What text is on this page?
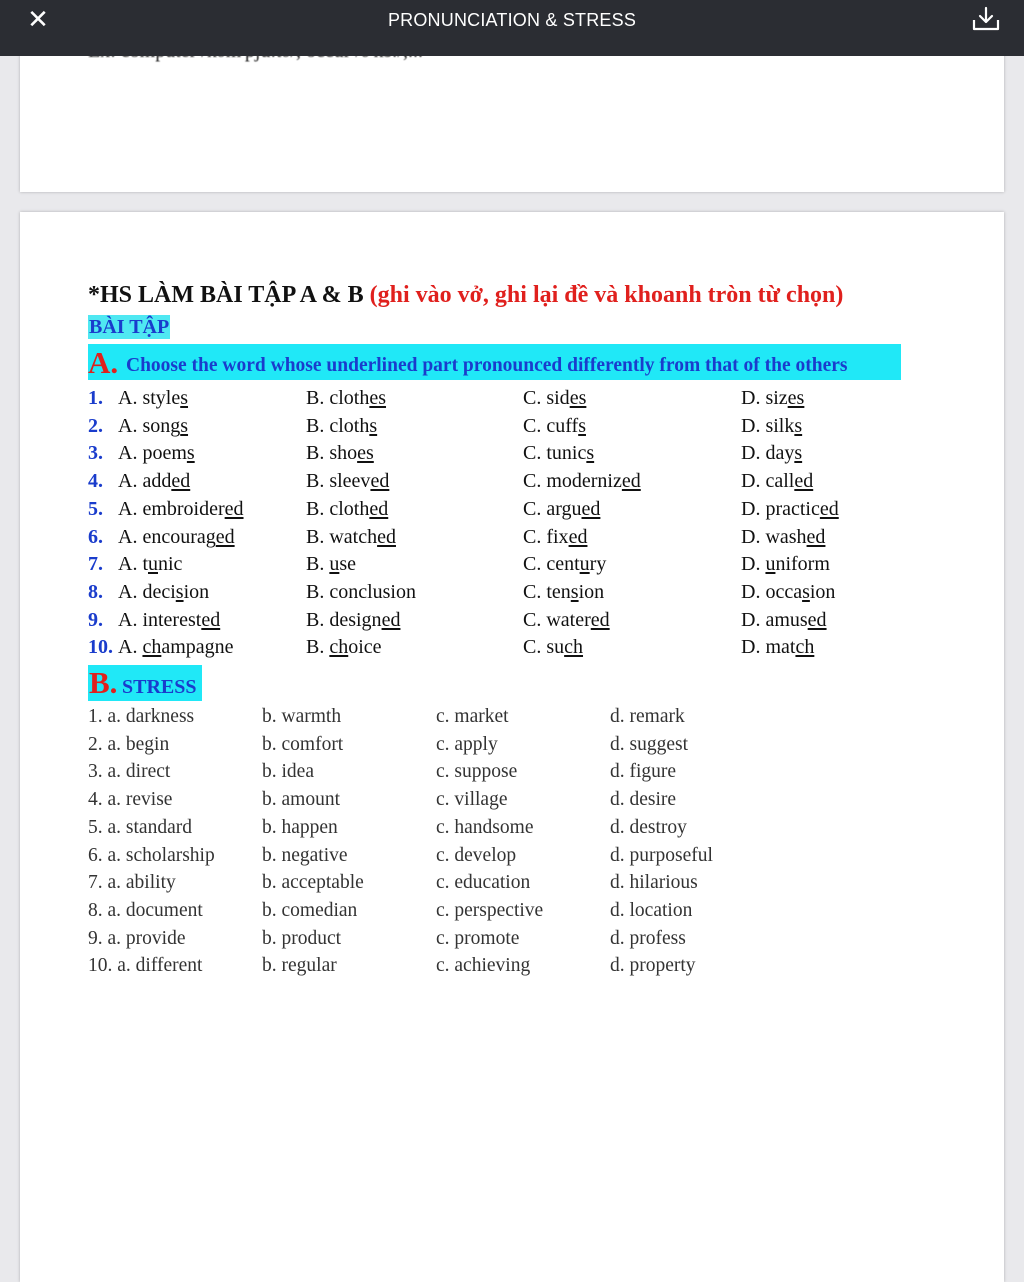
✕	PRONUNCIATION & STRESS
*HS LÀM BÀI TẬP A & B (ghi vào vở, ghi lại đề và khoanh tròn từ chọn)
BÀI TẬP
A. Choose the word whose underlined part pronounced differently from that of the others
1. A. styles	B. clothes	C. sides	D. sizes
2. A. songs	B. cloths	C. cuffs	D. silks
3. A. poems	B. shoes	C. tunics	D. days
4. A. added	B. sleeved	C. modernized	D. called
5. A. embroidered	B. clothed	C. argued	D. practiced
6. A. encouraged	B. watched	C. fixed	D. washed
7. A. tunic	B. use	C. century	D. uniform
8. A. decision	B. conclusion	C. tension	D. occasion
9. A. interested	B. designed	C. watered	D. amused
10. A. champagne	B. choice	C. such	D. match
B. STRESS
1. a. darkness	b. warmth	c. market	d. remark
2. a. begin	b. comfort	c. apply	d. suggest
3. a. direct	b. idea	c. suppose	d. figure
4. a. revise	b. amount	c. village	d. desire
5. a. standard	b. happen	c. handsome	d. destroy
6. a. scholarship b. negative	c. develop	d. purposeful
7. a. ability	b. acceptable	c. education	d. hilarious
8. a. document	b. comedian	c. perspective	d. location
9. a. provide	b. product	c. promote	d. profess
10. a. different	b. regular	c. achieving	d. property
